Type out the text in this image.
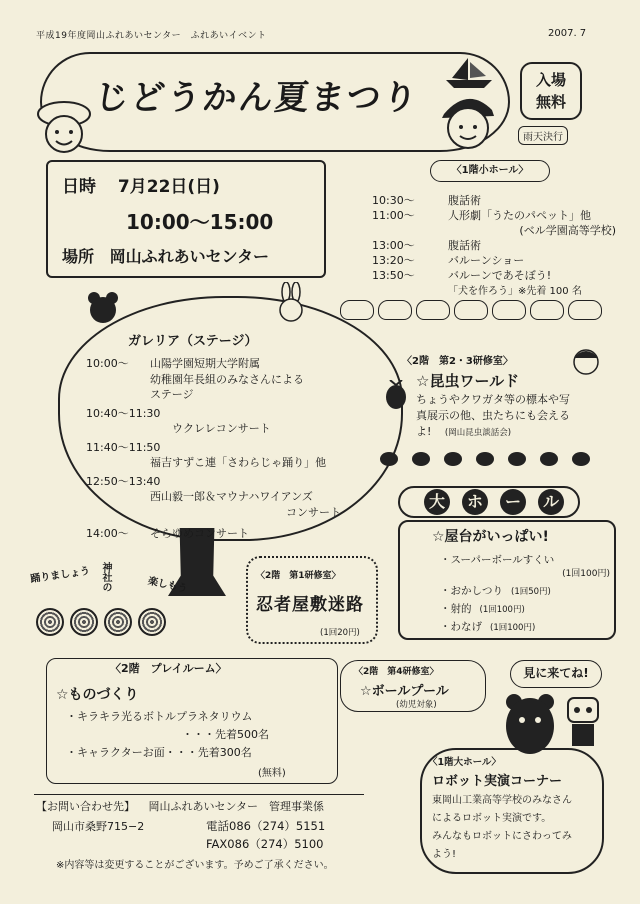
平成19年度岡山ふれあいセンター　ふれあいイベント	2007. 7
じどうかん夏まつり	入場
無料
雨天決行
日時 7月22日(日)
10:00〜15:00
場所 岡山ふれあいセンター
〈1階小ホール〉
10:30〜	腹話術
11:00〜	人形劇「うたのパペット」他
(ベル学園高等学校)
13:00〜	腹話術
13:20〜	バルーンショー
13:50〜	バルーンであそぼう!
「犬を作ろう」※先着 100 名
ガレリア（ステージ）
10:00〜 山陽学園短期大学附属
幼稚園年長組のみなさんによる
ステージ
10:40〜11:30
ウクレレコンサート
11:40〜11:50
福吉すずこ連「さわらじゃ踊り」他
12:50〜13:40
西山毅一郎＆マウナハワイアンズ
コンサート
14:00〜 そらゆめコンサート
踊りましょう 神社の	楽しもう	〈2階　第1研修室〉
忍者屋敷迷路
(1回20円)
〈2階　第2・3研修室〉
☆昆虫ワールド
ちょうやクワガタ等の標本や写
真展示の他、虫たちにも会える
よ! (岡山昆虫談話会)
大	ホ	ー	ル
☆屋台がいっぱい!
・スーパーボールすくい
(1回100円)
・おかしつり (1回50円)
・射的 (1回100円)
・わなげ (1回100円)
〈2階　プレイルーム〉
☆ものづくり
・キラキラ光るボトルプラネタリウム
・・・先着500名
・キャラクターお面・・・先着300名
(無料)
〈2階　第4研修室〉
☆ボールプール
(幼児対象)
見に来てね!
〈1階大ホール〉
ロボット実演コーナー
東岡山工業高等学校のみなさん
によるロボット実演です。
みんなもロボットにさわってみ
よう!
【お問い合わせ先】 岡山ふれあいセンター　管理事業係
岡山市桑野715−2	電話086（274）5151
FAX086（274）5100
※内容等は変更することがございます。予めご了承ください。
